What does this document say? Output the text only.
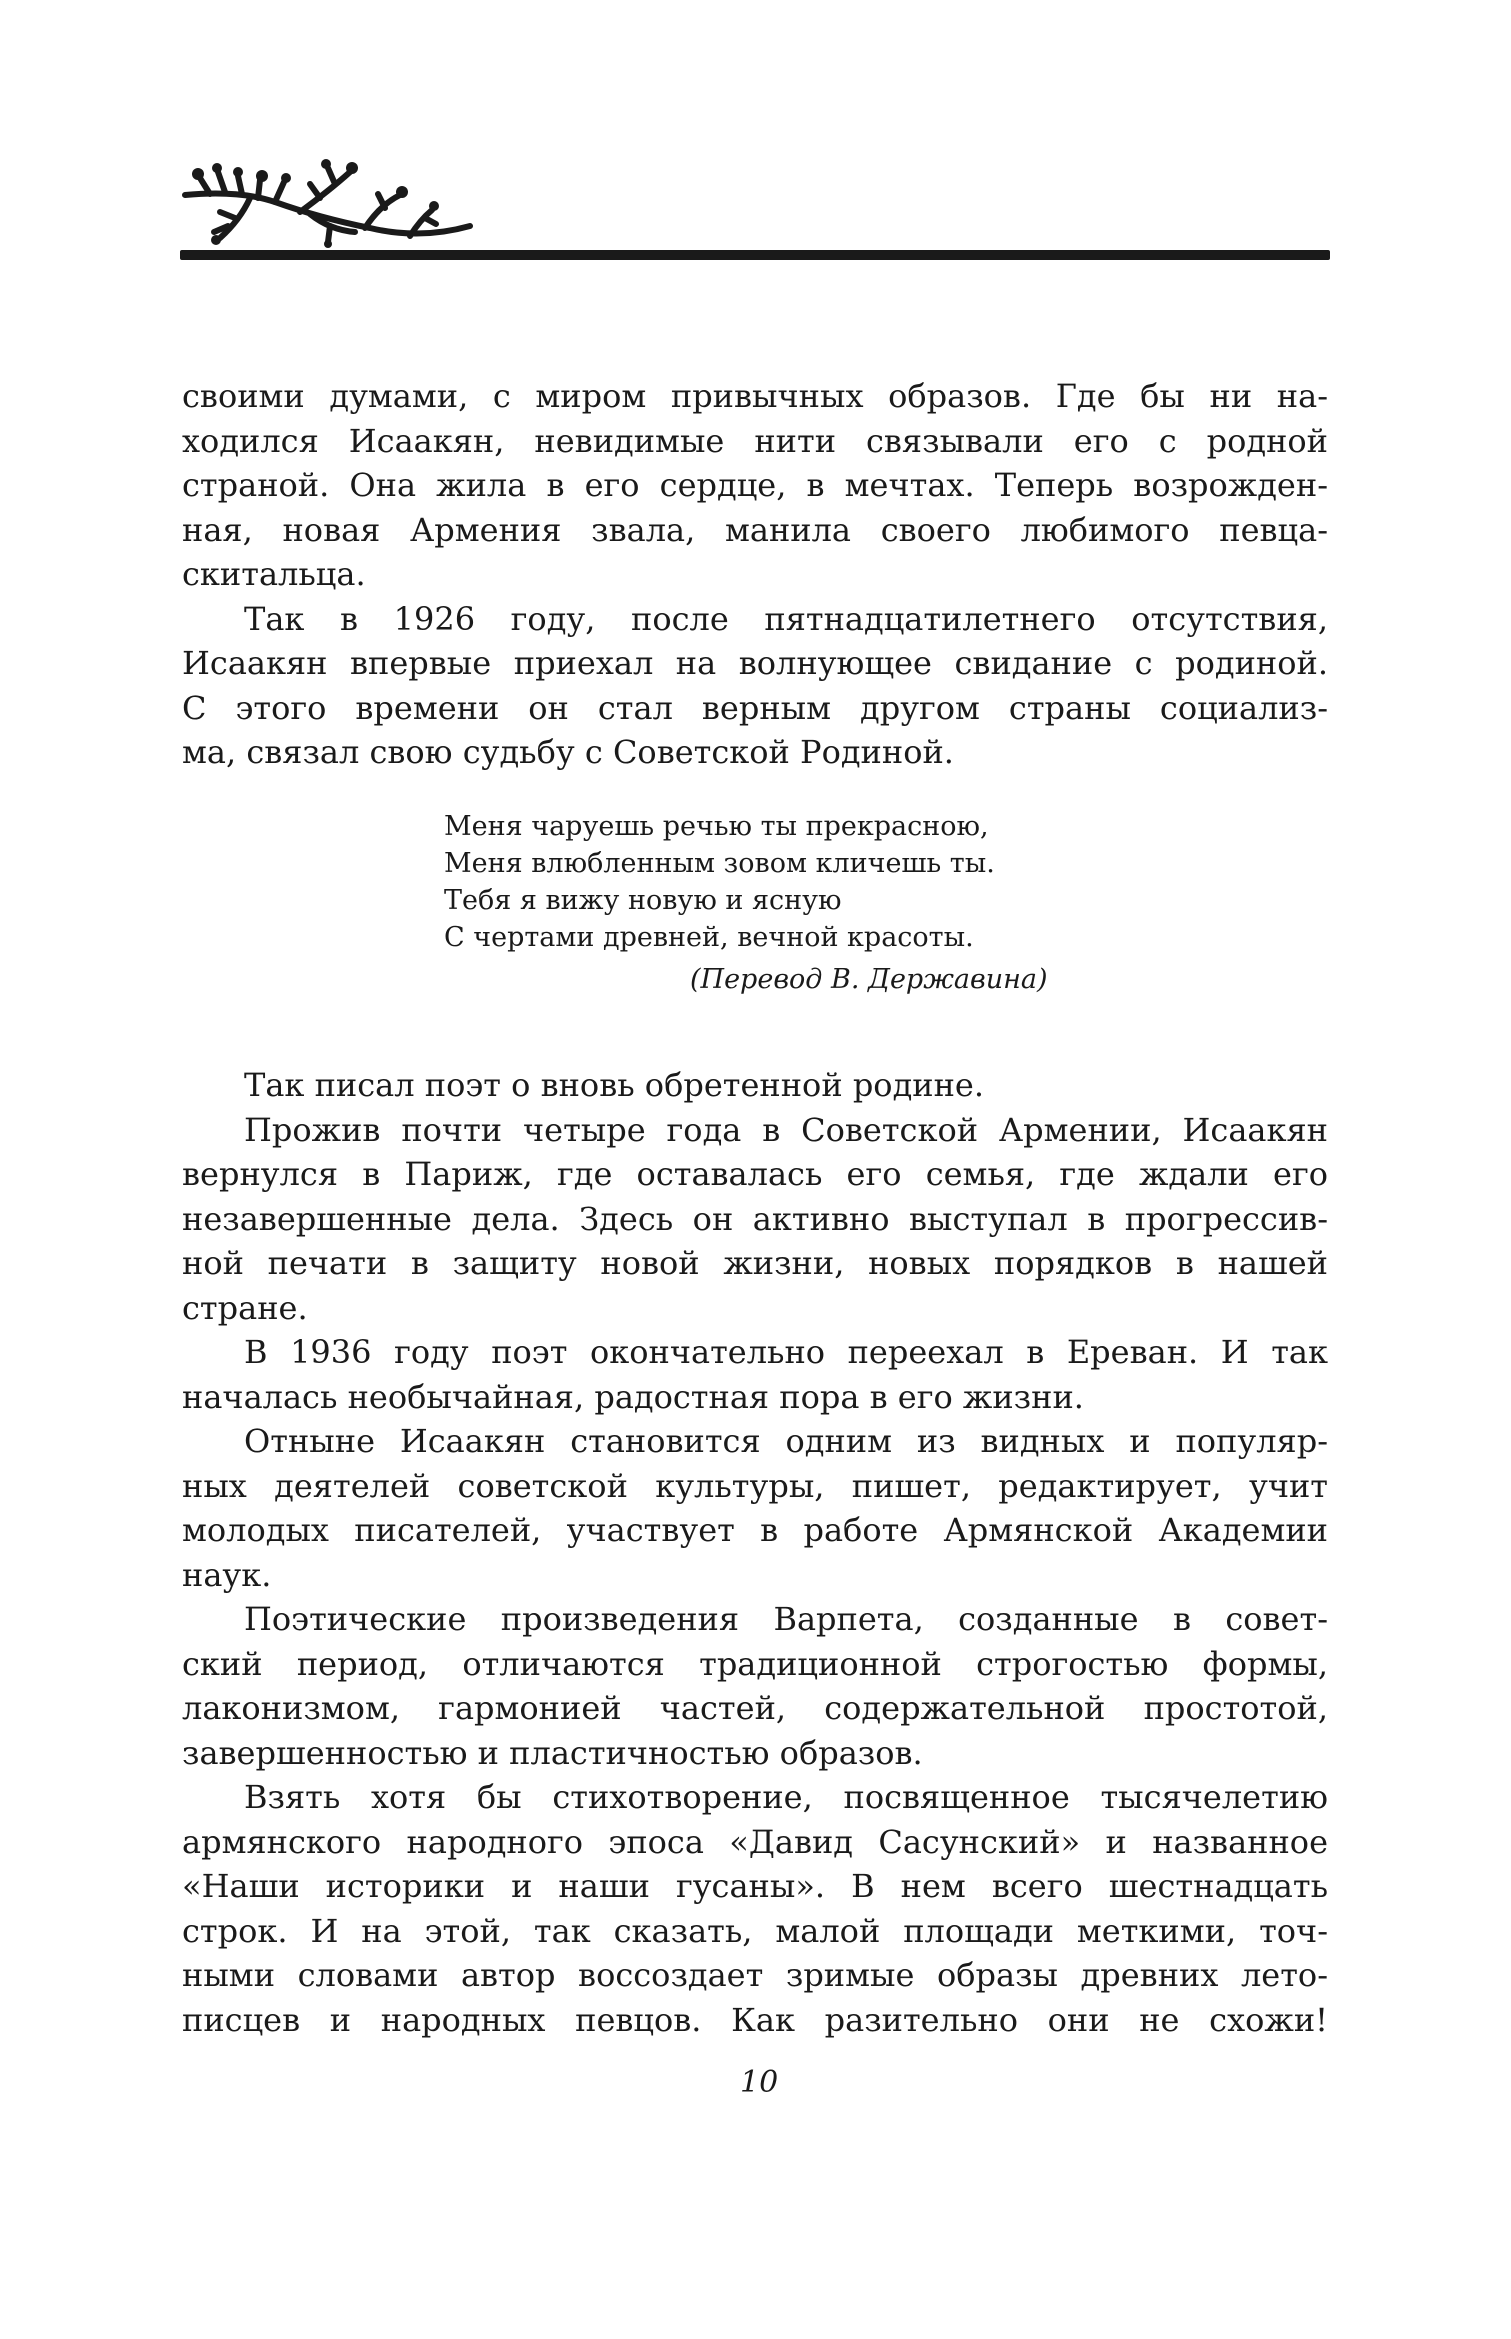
своими думами, с миром привычных образов. Где бы ни на-
ходился Исаакян, невидимые нити связывали его с родной
страной. Она жила в его сердце, в мечтах. Теперь возрожден-
ная, новая Армения звала, манила своего любимого певца-
скитальца.

Так в 1926 году, после пятнадцатилетнего отсутствия,
Исаакян впервые приехал на волнующее свидание с родиной.
С этого времени он стал верным другом страны социализ-
ма, связал свою судьбу с Советской Родиной.

Меня чаруешь речью ты прекрасною,
Меня влюбленным зовом кличешь ты.
Тебя я вижу новую и ясную
С чертами древней, вечной красоты.
(Перевод В. Державина)

Так писал поэт о вновь обретенной родине.

Прожив почти четыре года в Советской Армении, Исаакян
вернулся в Париж, где оставалась его семья, где ждали его
незавершенные дела. Здесь он активно выступал в прогрессив-
ной печати в защиту новой жизни, новых порядков в нашей
стране.

В 1936 году поэт окончательно переехал в Ереван. И так
началась необычайная, радостная пора в его жизни.

Отныне Исаакян становится одним из видных и популяр-
ных деятелей советской культуры, пишет, редактирует, учит
молодых писателей, участвует в работе Армянской Академии
наук.

Поэтические произведения Варпета, созданные в совет-
ский период, отличаются традиционной строгостью формы,
лаконизмом, гармонией частей, содержательной простотой,
завершенностью и пластичностью образов.

Взять хотя бы стихотворение, посвященное тысячелетию
армянского народного эпоса «Давид Сасунский» и названное
«Наши историки и наши гусаны». В нем всего шестнадцать
строк. И на этой, так сказать, малой площади меткими, точ-
ными словами автор воссоздает зримые образы древних лето-
писцев и народных певцов. Как разительно они не схожи!

10
